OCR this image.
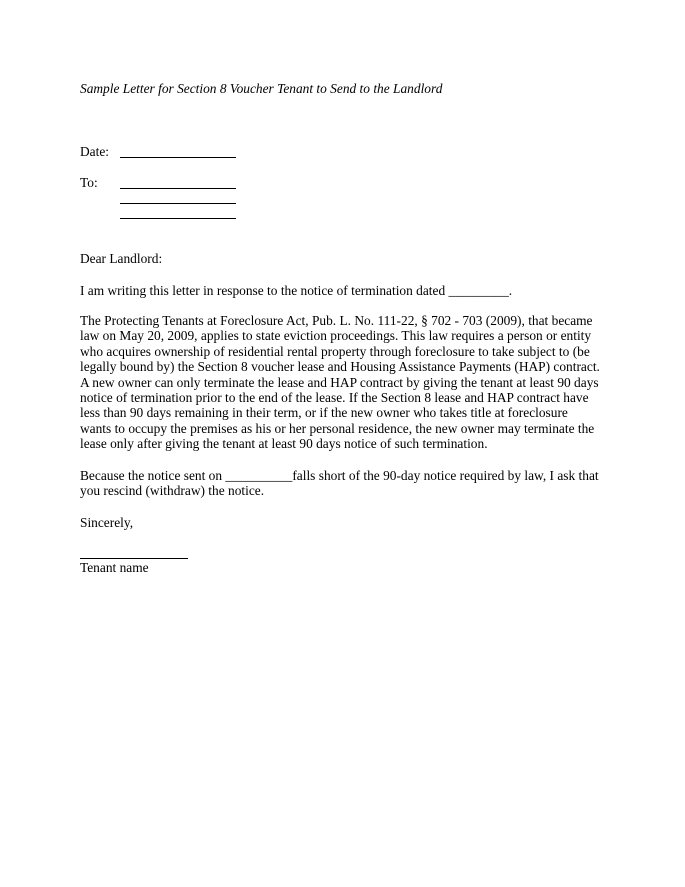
Sample Letter for Section 8 Voucher Tenant to Send to the Landlord
Date:
To:
Dear Landlord:

I am writing this letter in response to the notice of termination dated _________.

The Protecting Tenants at Foreclosure Act, Pub. L. No. 111-22, § 702 - 703 (2009), that became
law on May 20, 2009, applies to state eviction proceedings. This law requires a person or entity
who acquires ownership of residential rental property through foreclosure to take subject to (be
legally bound by) the Section 8 voucher lease and Housing Assistance Payments (HAP) contract.
A new owner can only terminate the lease and HAP contract by giving the tenant at least 90 days
notice of termination prior to the end of the lease. If the Section 8 lease and HAP contract have
less than 90 days remaining in their term, or if the new owner who takes title at foreclosure
wants to occupy the premises as his or her personal residence, the new owner may terminate the
lease only after giving the tenant at least 90 days notice of such termination.

Because the notice sent on __________falls short of the 90-day notice required by law, I ask that
you rescind (withdraw) the notice.

Sincerely,
Tenant name
